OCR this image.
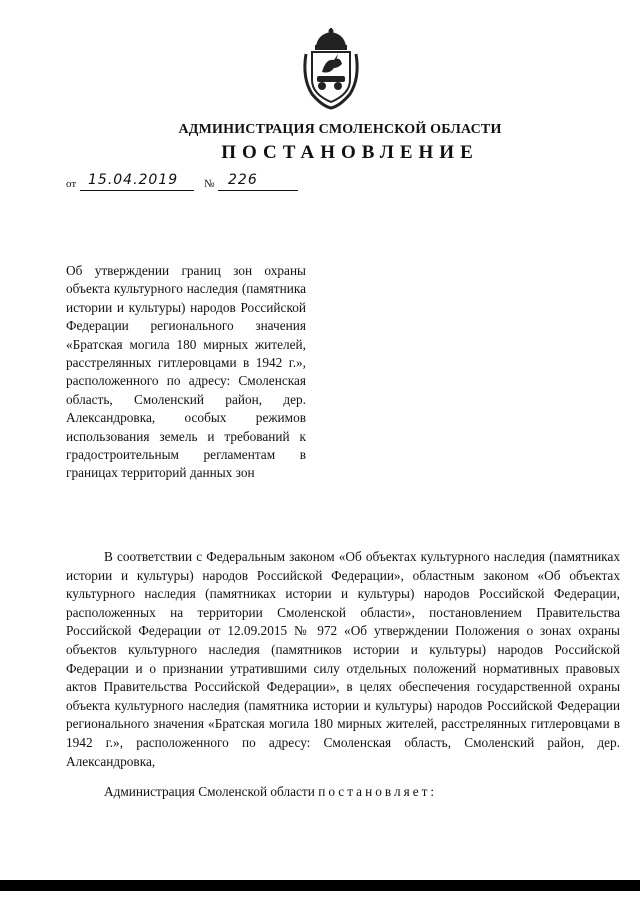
АДМИНИСТРАЦИЯ СМОЛЕНСКОЙ ОБЛАСТИ
ПОСТАНОВЛЕНИЕ
от 15.04.2019 № 226
Об утверждении границ зон охраны объекта культурного наследия (памятника истории и культуры) народов Российской Федерации регионального значения «Братская могила 180 мирных жителей, расстрелянных гитлеровцами в 1942 г.», расположенного по адресу: Смоленская область, Смоленский район, дер. Александровка, особых режимов использования земель и требований к градостроительным регламентам в границах территорий данных зон
В соответствии с Федеральным законом «Об объектах культурного наследия (памятниках истории и культуры) народов Российской Федерации», областным законом «Об объектах культурного наследия (памятниках истории и культуры) народов Российской Федерации, расположенных на территории Смоленской области», постановлением Правительства Российской Федерации от 12.09.2015 № 972 «Об утверждении Положения о зонах охраны объектов культурного наследия (памятников истории и культуры) народов Российской Федерации и о признании утратившими силу отдельных положений нормативных правовых актов Правительства Российской Федерации», в целях обеспечения государственной охраны объекта культурного наследия (памятника истории и культуры) народов Российской Федерации регионального значения «Братская могила 180 мирных жителей, расстрелянных гитлеровцами в 1942 г.», расположенного по адресу: Смоленская область, Смоленский район, дер. Александровка,
Администрация Смоленской области постановляет:
